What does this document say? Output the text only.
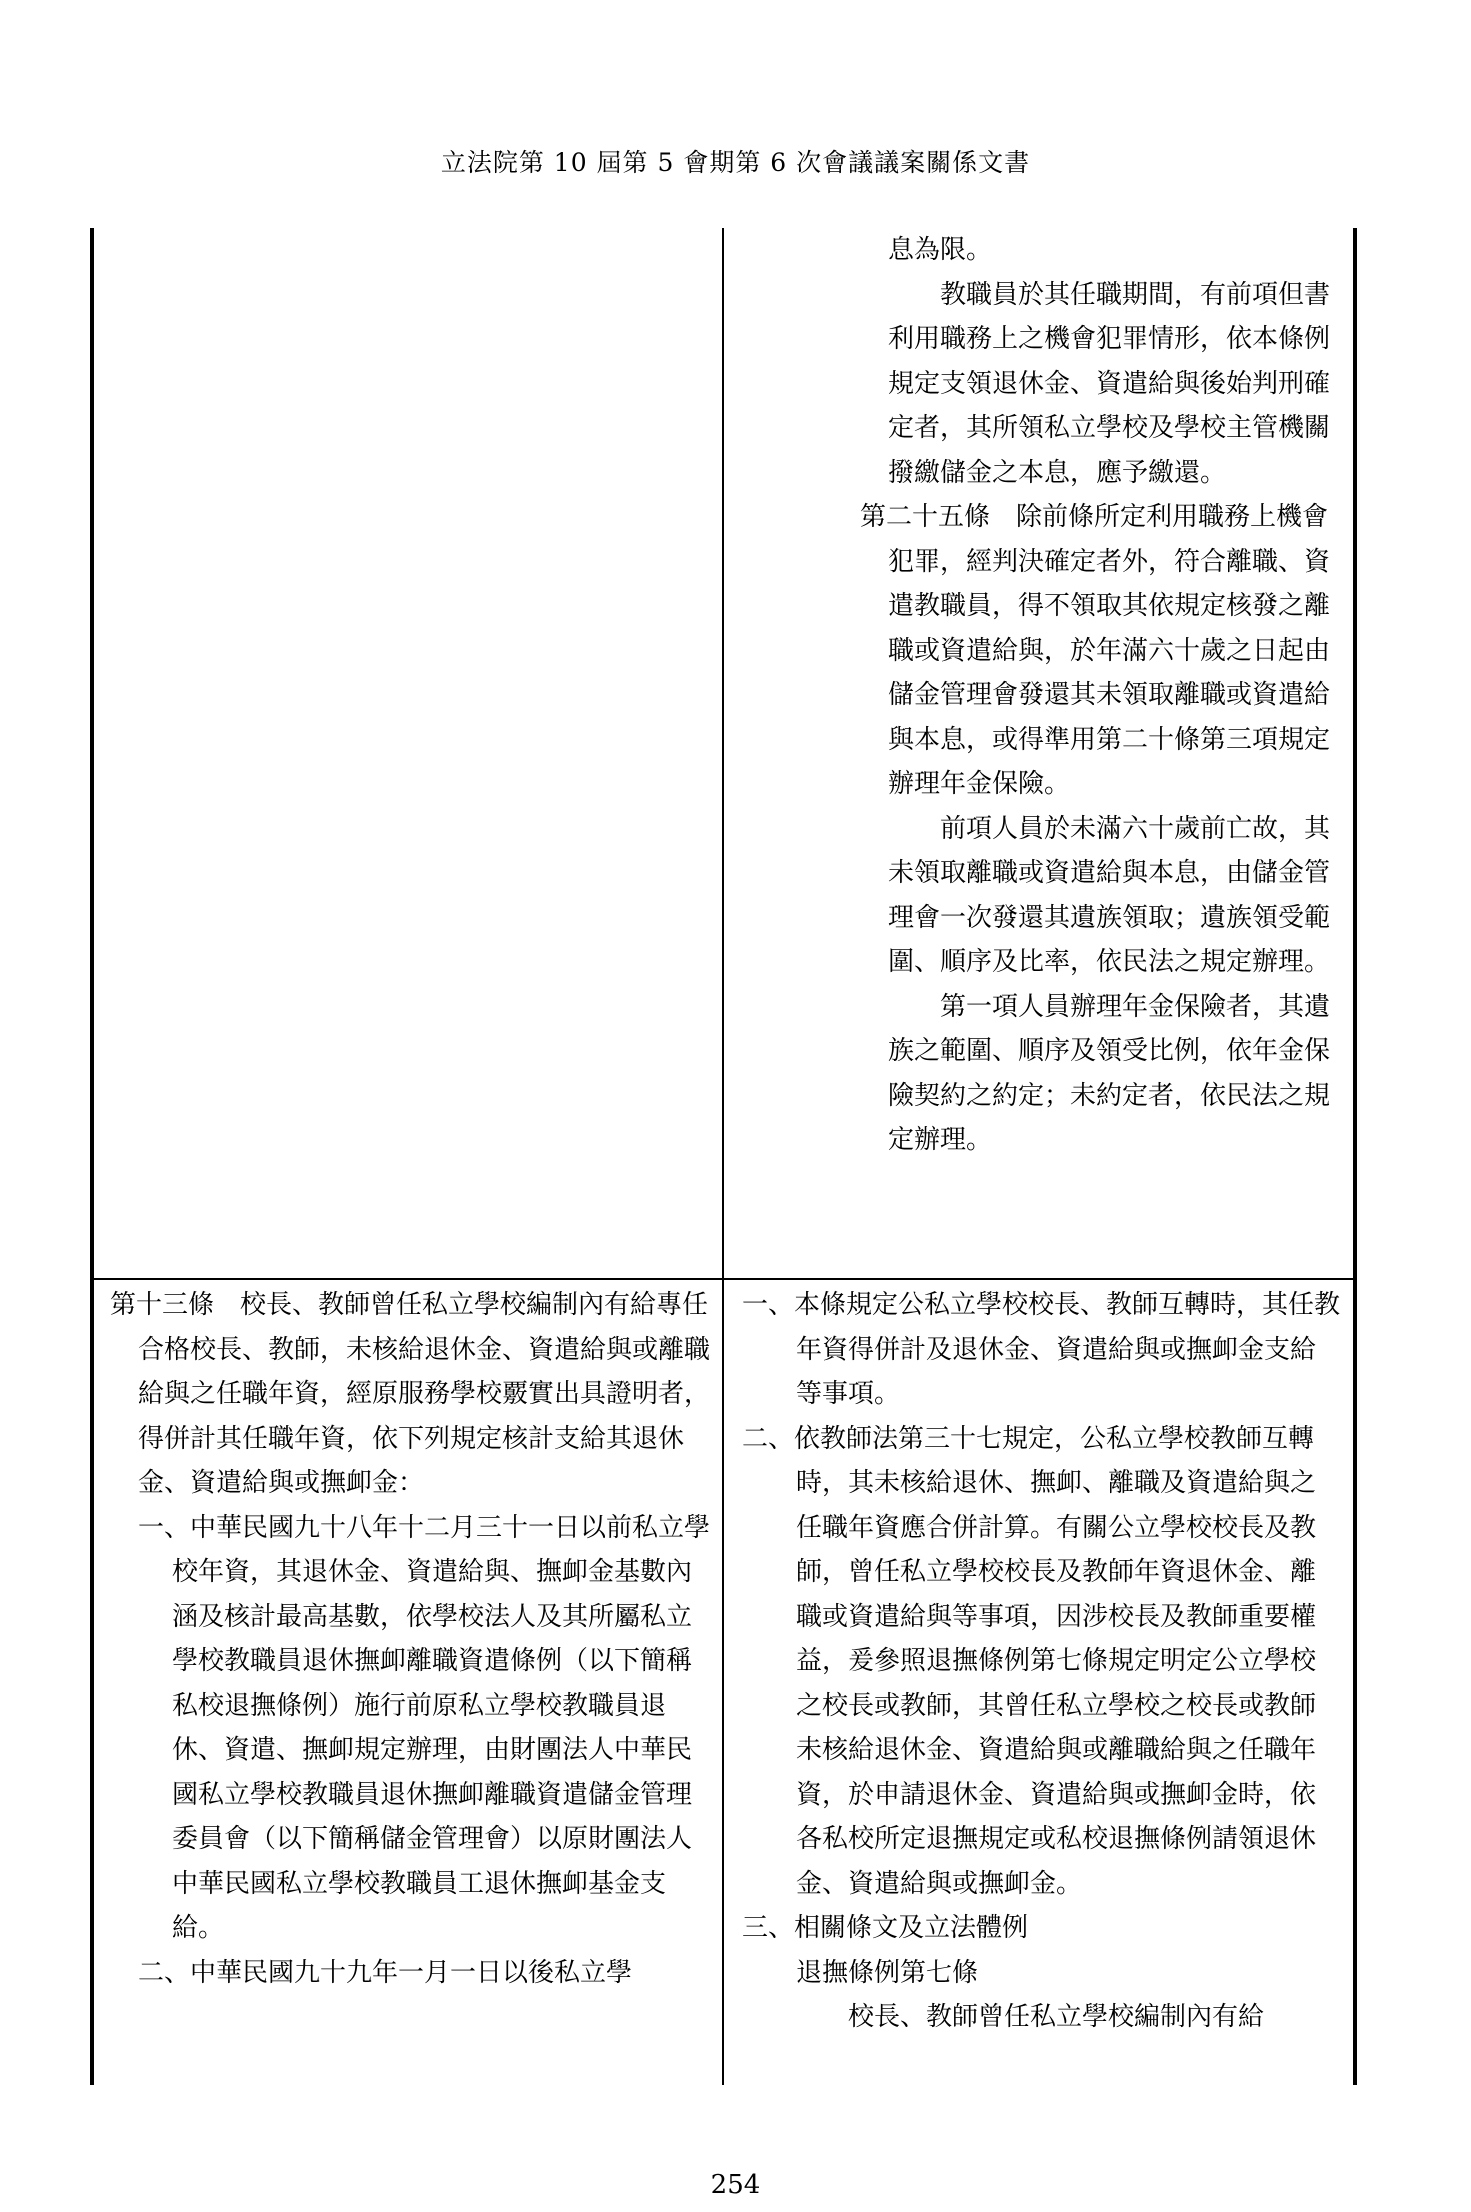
立法院第 10 屆第 5 會期第 6 次會議議案關係文書

息為限。

教職員於其任職期間，有前項但書利用職務上之機會犯罪情形，依本條例規定支領退休金、資遣給與後始判刑確定者，其所領私立學校及學校主管機關撥繳儲金之本息，應予繳還。

第二十五條　除前條所定利用職務上機會犯罪，經判決確定者外，符合離職、資遣教職員，得不領取其依規定核發之離職或資遣給與，於年滿六十歲之日起由儲金管理會發還其未領取離職或資遣給與本息，或得準用第二十條第三項規定辦理年金保險。

前項人員於未滿六十歲前亡故，其未領取離職或資遣給與本息，由儲金管理會一次發還其遺族領取；遺族領受範圍、順序及比率，依民法之規定辦理。

第一項人員辦理年金保險者，其遺族之範圍、順序及領受比例，依年金保險契約之約定；未約定者，依民法之規定辦理。

第十三條　校長、教師曾任私立學校編制內有給專任合格校長、教師，未核給退休金、資遣給與或離職給與之任職年資，經原服務學校覈實出具證明者，得併計其任職年資，依下列規定核計支給其退休金、資遣給與或撫卹金：

一、中華民國九十八年十二月三十一日以前私立學校年資，其退休金、資遣給與、撫卹金基數內涵及核計最高基數，依學校法人及其所屬私立學校教職員退休撫卹離職資遣條例（以下簡稱私校退撫條例）施行前原私立學校教職員退休、資遣、撫卹規定辦理，由財團法人中華民國私立學校教職員退休撫卹離職資遣儲金管理委員會（以下簡稱儲金管理會）以原財團法人中華民國私立學校教職員工退休撫卹基金支給。

二、中華民國九十九年一月一日以後私立學

一、本條規定公私立學校校長、教師互轉時，其任教年資得併計及退休金、資遣給與或撫卹金支給等事項。

二、依教師法第三十七規定，公私立學校教師互轉時，其未核給退休、撫卹、離職及資遣給與之任職年資應合併計算。有關公立學校校長及教師，曾任私立學校校長及教師年資退休金、離職或資遣給與等事項，因涉校長及教師重要權益，爰參照退撫條例第七條規定明定公立學校之校長或教師，其曾任私立學校之校長或教師未核給退休金、資遣給與或離職給與之任職年資，於申請退休金、資遣給與或撫卹金時，依各私校所定退撫規定或私校退撫條例請領退休金、資遣給與或撫卹金。

三、相關條文及立法體例

退撫條例第七條

校長、教師曾任私立學校編制內有給

254
